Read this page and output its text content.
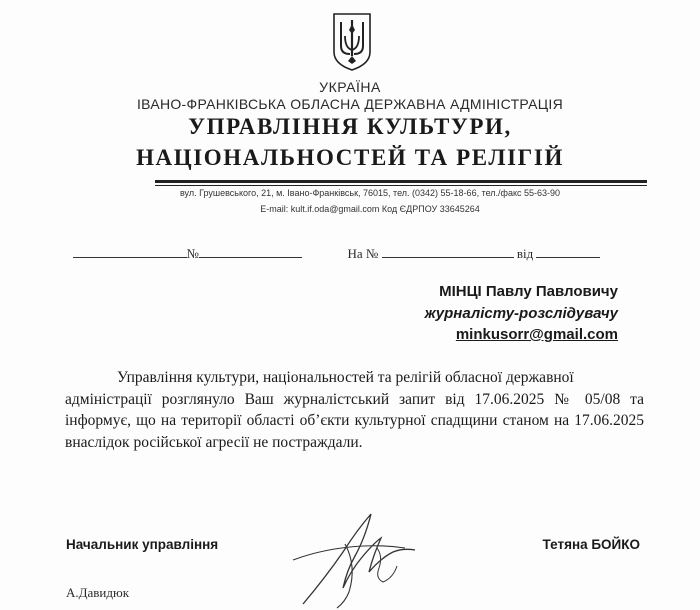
УКРАЇНА
ІВАНО-ФРАНКІВСЬКА ОБЛАСНА ДЕРЖАВНА АДМІНІСТРАЦІЯ
УПРАВЛІННЯ КУЛЬТУРИ,
НАЦІОНАЛЬНОСТЕЙ ТА РЕЛІГІЙ
вул. Грушевського, 21, м. Івано-Франківськ, 76015, тел. (0342) 55-18-66, тел./факс 55-63-90
E-mail: kult.if.oda@gmail.com Код ЄДРПОУ 33645264

№	На №	від

МІНЦІ Павлу Павловичу
журналісту-розслідувачу
minkusorr@gmail.com
Управління культури, національностей та релігій обласної державної
адміністрації розглянуло Ваш журналістський запит від 17.06.2025 № 05/08 та інформує, що на території області об’єкти культурної спадщини станом на 17.06.2025 внаслідок російської агресії не постраждали.
Начальник управління	Тетяна БОЙКО
А.Давидюк
